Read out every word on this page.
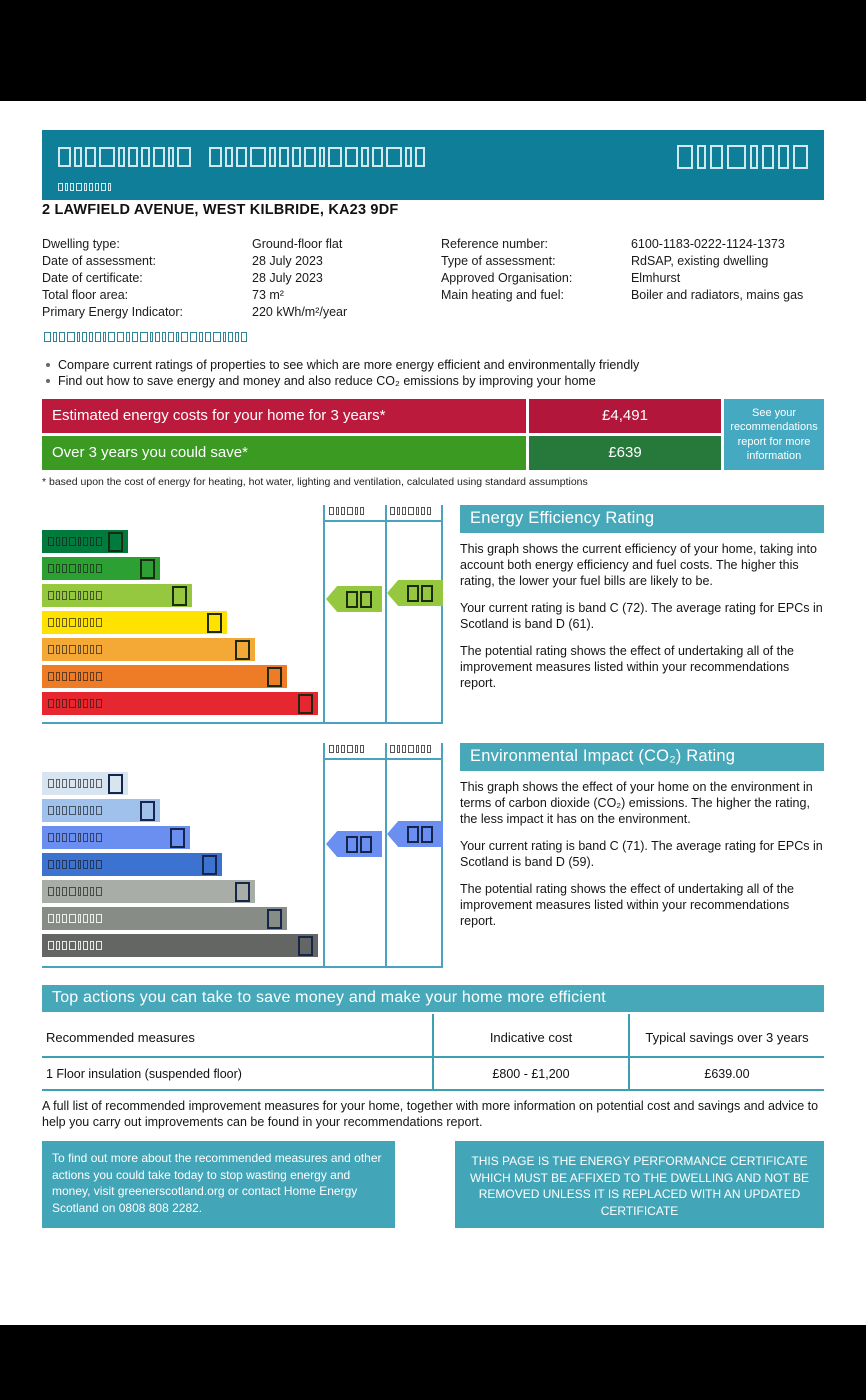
2 LAWFIELD AVENUE, WEST KILBRIDE, KA23 9DF
Dwelling type:	Ground-floor flat
Date of assessment:	28 July 2023
Date of certificate:	28 July 2023
Total floor area:	73 m²
Primary Energy Indicator:	220 kWh/m²/year
Reference number:	6100-1183-0222-1124-1373
Type of assessment:	RdSAP, existing dwelling
Approved Organisation:	Elmhurst
Main heating and fuel:	Boiler and radiators, mains gas
Compare current ratings of properties to see which are more energy efficient and environmentally friendly
Find out how to save energy and money and also reduce CO₂ emissions by improving your home
Estimated energy costs for your home for 3 years*	£4,491
Over 3 years you could save*	£639
See your recommendations report for more information
* based upon the cost of energy for heating, hot water, lighting and ventilation, calculated using standard assumptions
Energy Efficiency Rating

This graph shows the current efficiency of your home, taking into account both energy efficiency and fuel costs. The higher this rating, the lower your fuel bills are likely to be.

Your current rating is band C (72). The average rating for EPCs in Scotland is band D (61).

The potential rating shows the effect of undertaking all of the improvement measures listed within your recommendations report.

Environmental Impact (CO₂) Rating

This graph shows the effect of your home on the environment in terms of carbon dioxide (CO₂) emissions. The higher the rating, the less impact it has on the environment.

Your current rating is band C (71). The average rating for EPCs in Scotland is band D (59).

The potential rating shows the effect of undertaking all of the improvement measures listed within your recommendations report.

Top actions you can take to save money and make your home more efficient
Recommended measures	Indicative cost	Typical savings over 3 years
1 Floor insulation (suspended floor)	£800 - £1,200	£639.00
A full list of recommended improvement measures for your home, together with more information on potential cost and savings and advice to help you carry out improvements can be found in your recommendations report.
To find out more about the recommended measures and other actions you could take today to stop wasting energy and money, visit greenerscotland.org or contact Home Energy Scotland on 0808 808 2282.
THIS PAGE IS THE ENERGY PERFORMANCE CERTIFICATE WHICH MUST BE AFFIXED TO THE DWELLING AND NOT BE REMOVED UNLESS IT IS REPLACED WITH AN UPDATED CERTIFICATE
